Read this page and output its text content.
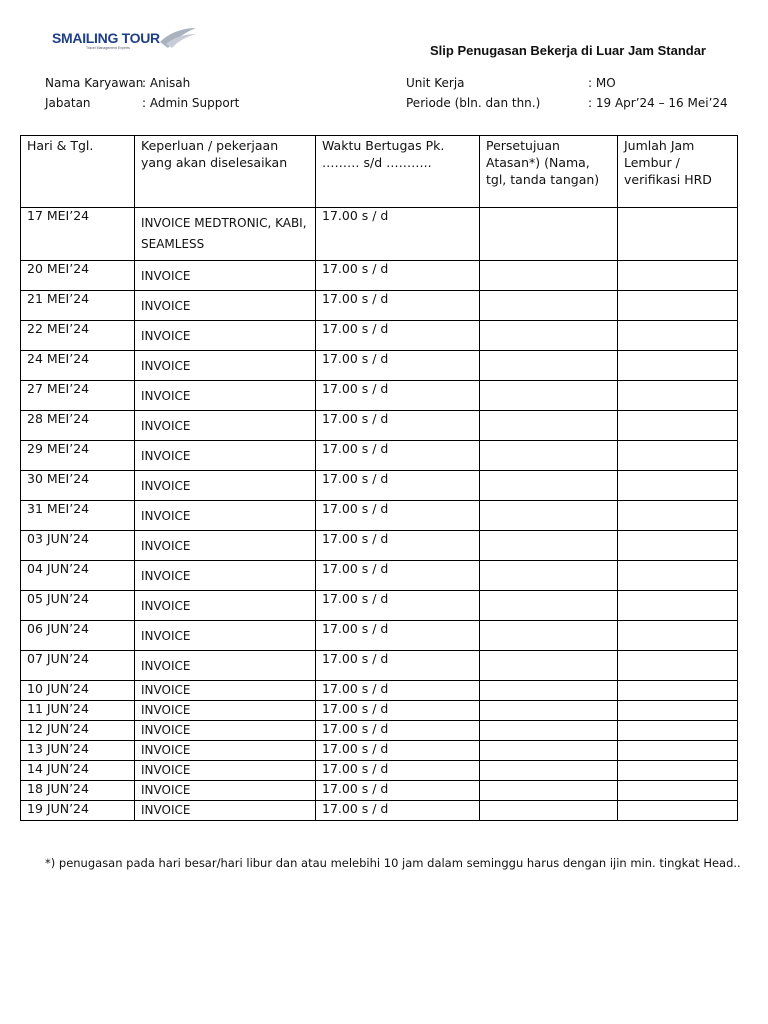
SMAILING TOUR
Travel Management Experts	Slip Penugasan Bekerja di Luar Jam Standar
Nama Karyawan
: Anisah
Jabatan	: Admin Support
Unit Kerja	: MO
Periode (bln. dan thn.)	: 19 Apr’24 – 16 Mei’24
Hari & Tgl.	Keperluan / pekerjaan yang akan diselesaikan	Waktu Bertugas Pk. ……… s/d ………..	Persetujuan Atasan*) (Nama, tgl, tanda tangan)	Jumlah Jam Lembur / verifikasi HRD
17 MEI’24	INVOICE MEDTRONIC, KABI, SEAMLESS	17.00 s / d		
20 MEI’24	INVOICE	17.00 s / d		
21 MEI’24	INVOICE	17.00 s / d		
22 MEI’24	INVOICE	17.00 s / d		
24 MEI’24	INVOICE	17.00 s / d		
27 MEI’24	INVOICE	17.00 s / d		
28 MEI’24	INVOICE	17.00 s / d		
29 MEI’24	INVOICE	17.00 s / d		
30 MEI’24	INVOICE	17.00 s / d		
31 MEI’24	INVOICE	17.00 s / d		
03 JUN’24	INVOICE	17.00 s / d		
04 JUN’24	INVOICE	17.00 s / d		
05 JUN’24	INVOICE	17.00 s / d		
06 JUN’24	INVOICE	17.00 s / d		
07 JUN’24	INVOICE	17.00 s / d		
10 JUN’24	INVOICE	17.00 s / d		
11 JUN’24	INVOICE	17.00 s / d		
12 JUN’24	INVOICE	17.00 s / d		
13 JUN’24	INVOICE	17.00 s / d		
14 JUN’24	INVOICE	17.00 s / d		
18 JUN’24	INVOICE	17.00 s / d		
19 JUN’24	INVOICE	17.00 s / d		
*) penugasan pada hari besar/hari libur dan atau melebihi 10 jam dalam seminggu harus dengan ijin min. tingkat Head..
